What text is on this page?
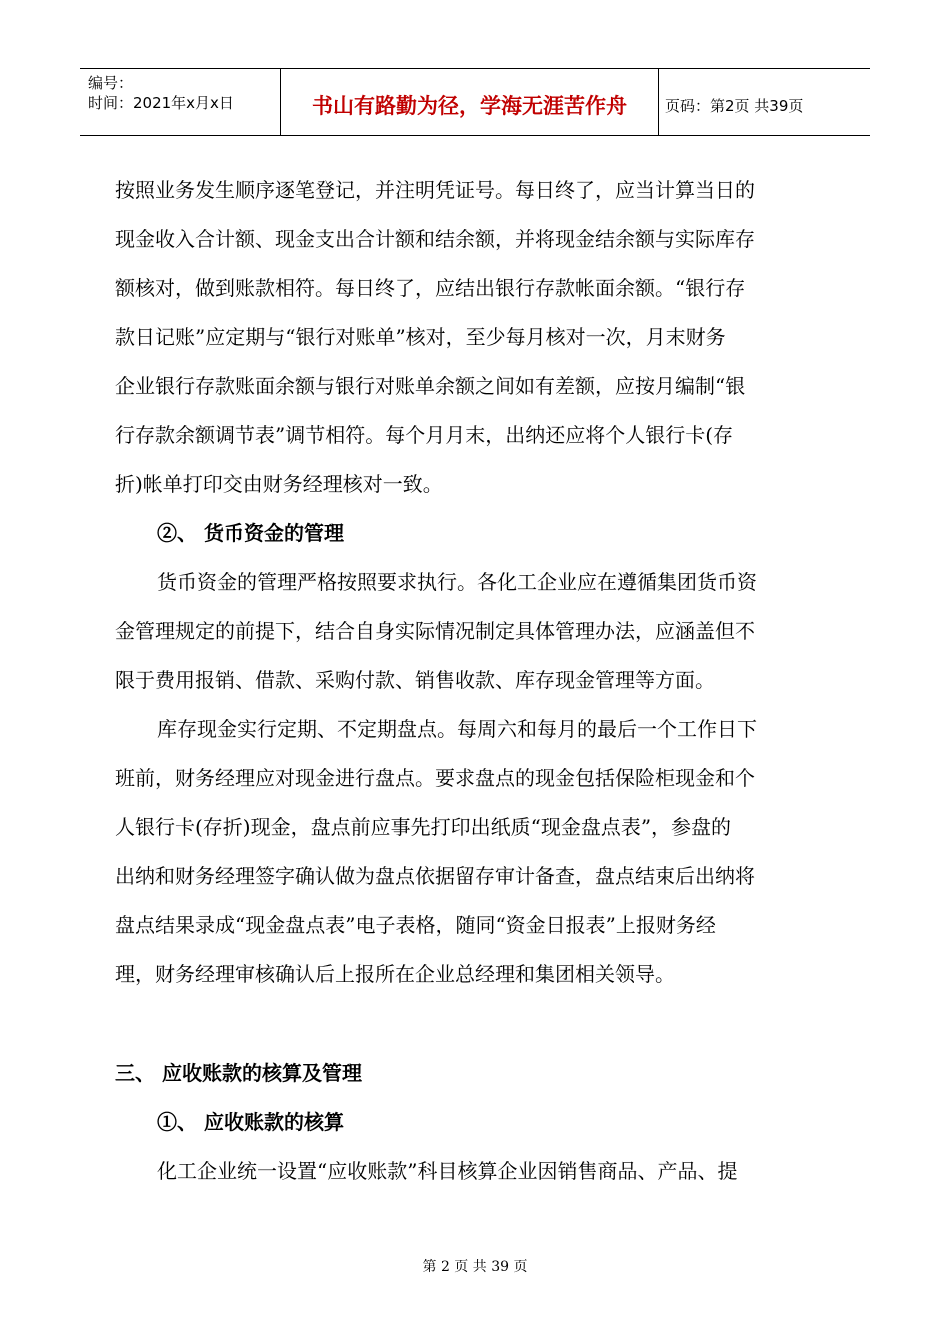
编号：
时间：2021年x月x日	书山有路勤为径，学海无涯苦作舟	页码：第2页 共39页
按照业务发生顺序逐笔登记，并注明凭证号。每日终了，应当计算当日的
现金收入合计额、现金支出合计额和结余额，并将现金结余额与实际库存
额核对，做到账款相符。每日终了，应结出银行存款帐面余额。“银行存
款日记账”应定期与“银行对账单”核对，至少每月核对一次，月末财务
企业银行存款账面余额与银行对账单余额之间如有差额，应按月编制“银
行存款余额调节表”调节相符。每个月月末，出纳还应将个人银行卡(存
折)帐单打印交由财务经理核对一致。
②、 货币资金的管理
货币资金的管理严格按照要求执行。各化工企业应在遵循集团货币资
金管理规定的前提下，结合自身实际情况制定具体管理办法，应涵盖但不
限于费用报销、借款、采购付款、销售收款、库存现金管理等方面。
库存现金实行定期、不定期盘点。每周六和每月的最后一个工作日下
班前，财务经理应对现金进行盘点。要求盘点的现金包括保险柜现金和个
人银行卡(存折)现金，盘点前应事先打印出纸质“现金盘点表”，参盘的
出纳和财务经理签字确认做为盘点依据留存审计备查，盘点结束后出纳将
盘点结果录成“现金盘点表”电子表格，随同“资金日报表”上报财务经
理，财务经理审核确认后上报所在企业总经理和集团相关领导。
三、 应收账款的核算及管理
①、 应收账款的核算
化工企业统一设置“应收账款”科目核算企业因销售商品、产品、提
第 2 页 共 39 页
